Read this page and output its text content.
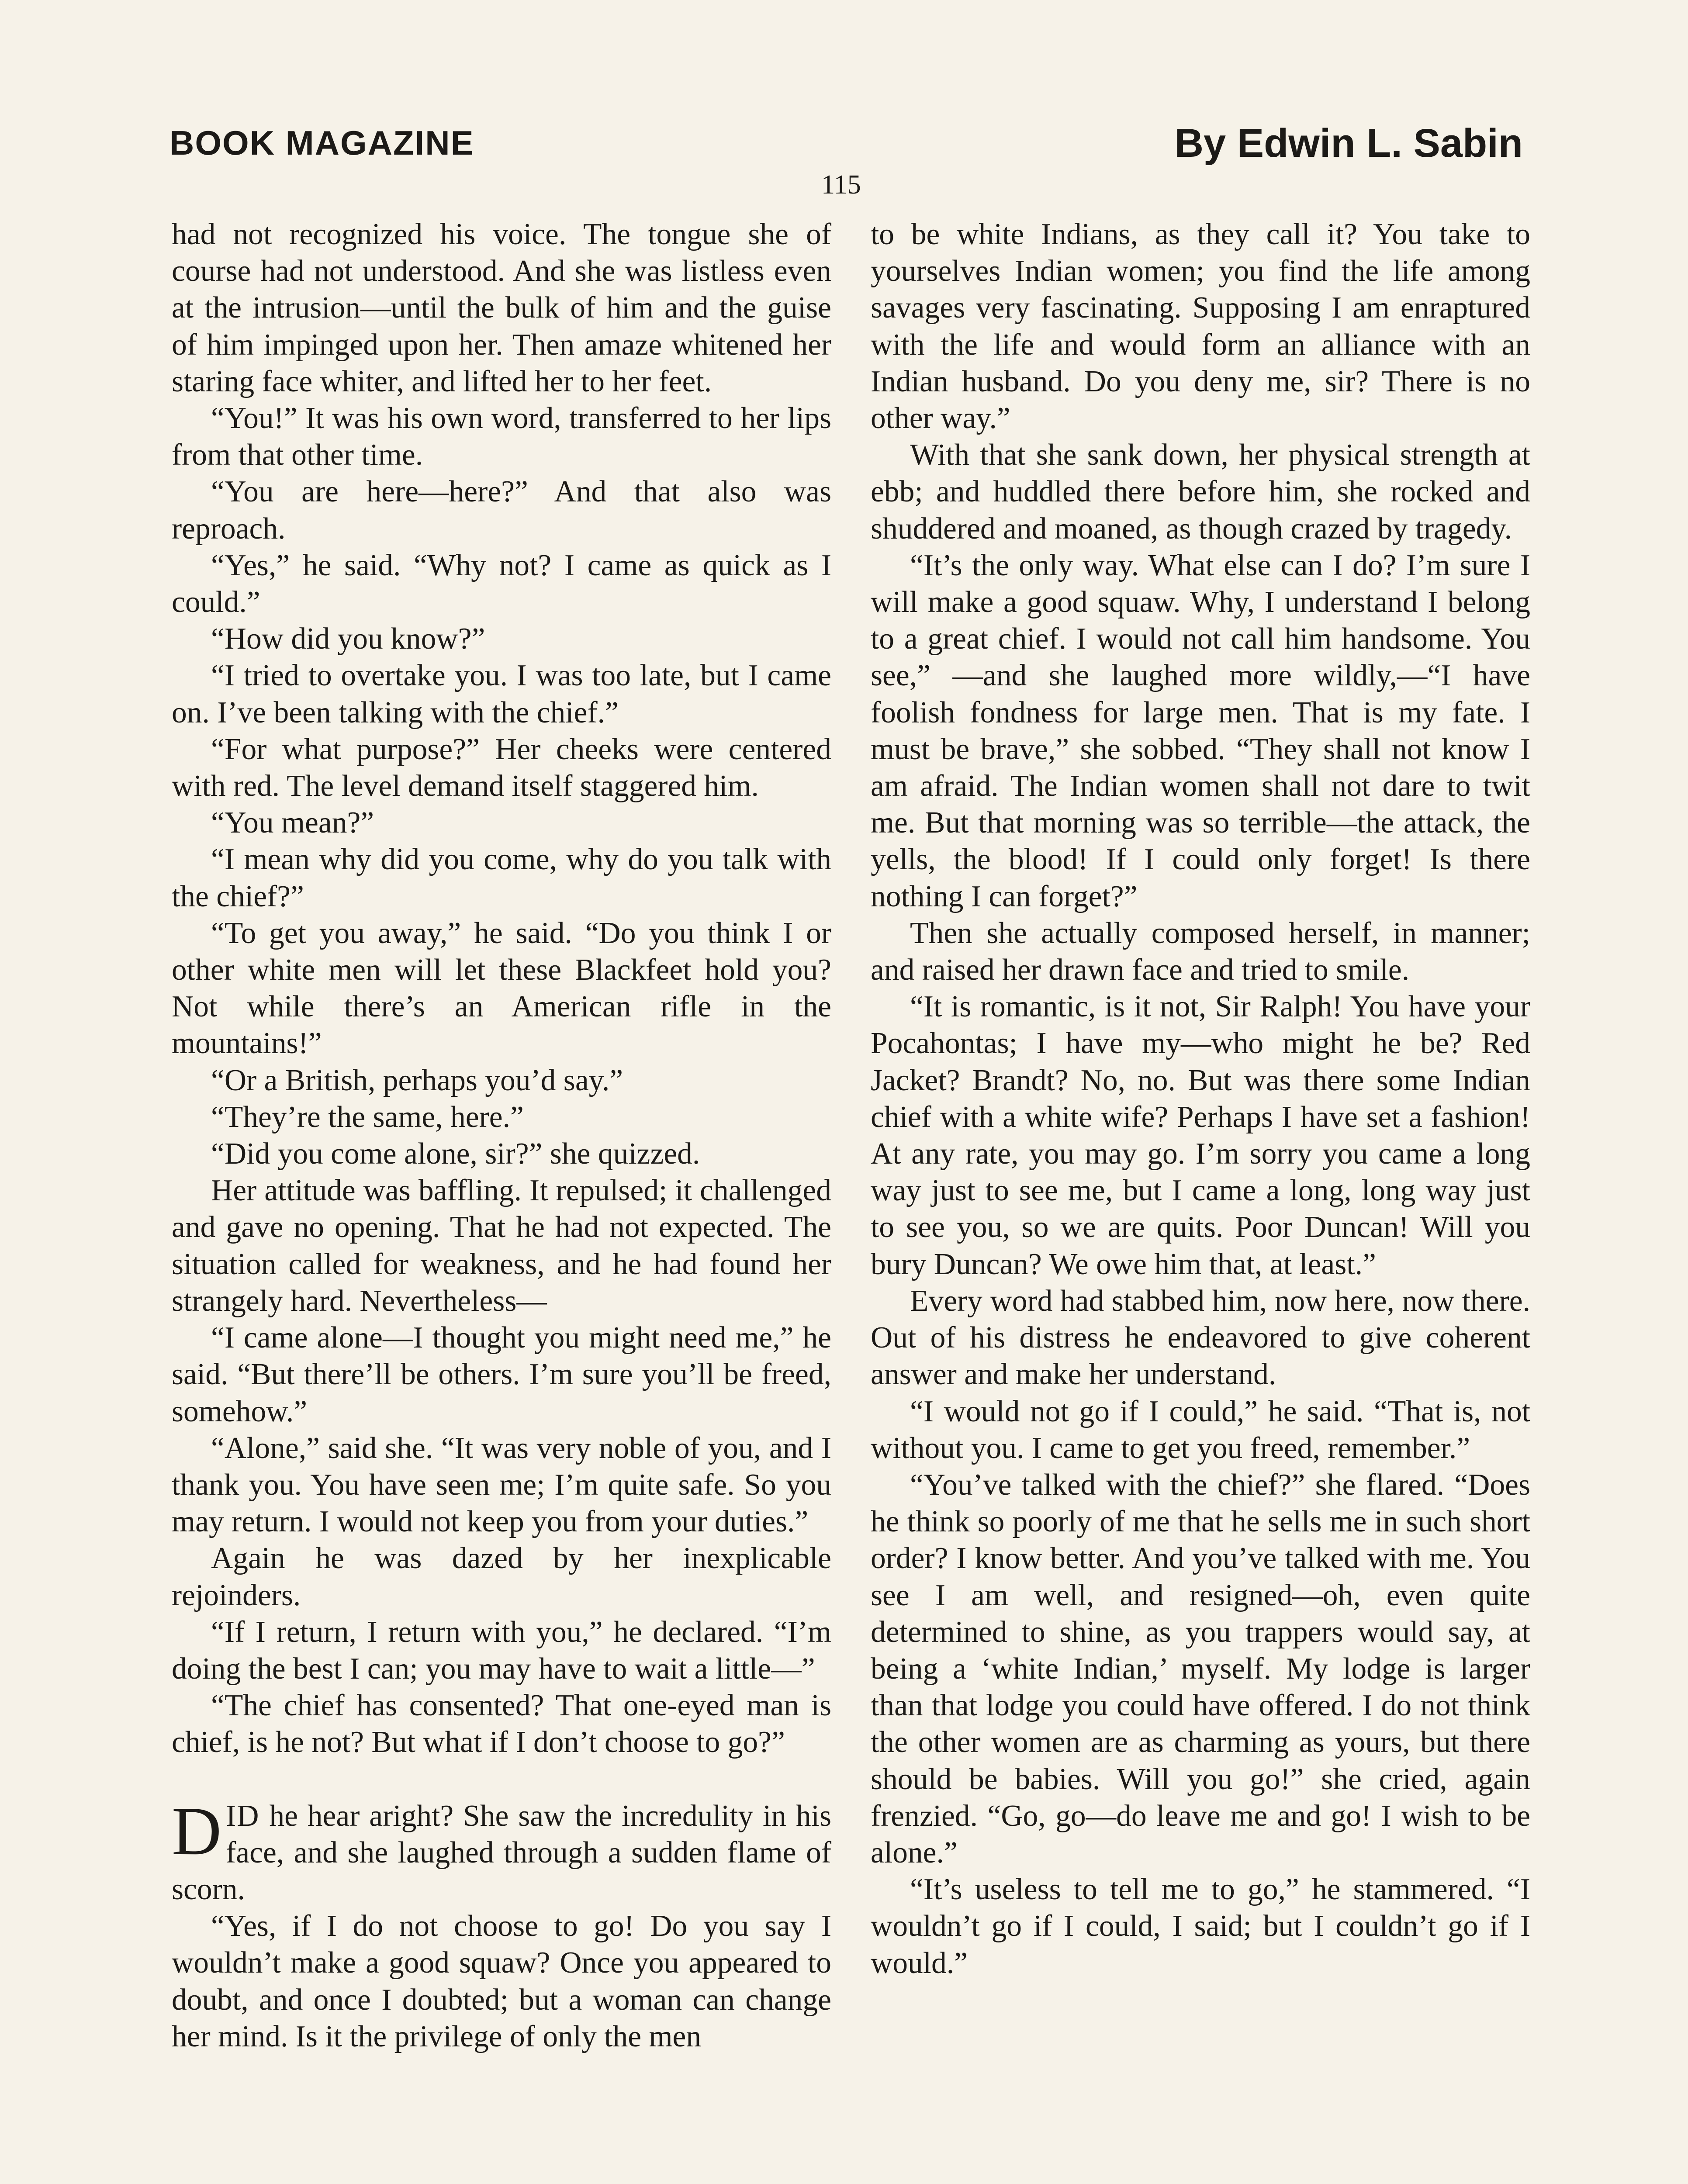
BOOK MAGAZINE	By Edwin L. Sabin
115

had not recognized his voice. The tongue she of course had not understood. And she was listless even at the intrusion—until the bulk of him and the guise of him impinged upon her. Then amaze whitened her staring face whiter, and lifted her to her feet.

“You!” It was his own word, transferred to her lips from that other time.

“You are here—here?” And that also was reproach.

“Yes,” he said. “Why not? I came as quick as I could.”

“How did you know?”

“I tried to overtake you. I was too late, but I came on. I’ve been talking with the chief.”

“For what purpose?” Her cheeks were centered with red. The level demand itself staggered him.

“You mean?”

“I mean why did you come, why do you talk with the chief?”

“To get you away,” he said. “Do you think I or other white men will let these Blackfeet hold you? Not while there’s an American rifle in the mountains!”

“Or a British, perhaps you’d say.”

“They’re the same, here.”

“Did you come alone, sir?” she quizzed.

Her attitude was baffling. It repulsed; it challenged and gave no opening. That he had not expected. The situation called for weakness, and he had found her strangely hard. Nevertheless—

“I came alone—I thought you might need me,” he said. “But there’ll be others. I’m sure you’ll be freed, somehow.”

“Alone,” said she. “It was very noble of you, and I thank you. You have seen me; I’m quite safe. So you may return. I would not keep you from your duties.”

Again he was dazed by her inexplicable rejoinders.

“If I return, I return with you,” he declared. “I’m doing the best I can; you may have to wait a little—”

“The chief has consented? That one-eyed man is chief, is he not? But what if I don’t choose to go?”

DID he hear aright? She saw the incredulity in his face, and she laughed through a sudden flame of scorn.

“Yes, if I do not choose to go! Do you say I wouldn’t make a good squaw? Once you appeared to doubt, and once I doubted; but a woman can change her mind. Is it the privilege of only the men

to be white Indians, as they call it? You take to yourselves Indian women; you find the life among savages very fascinating. Supposing I am enraptured with the life and would form an alliance with an Indian husband. Do you deny me, sir? There is no other way.”

With that she sank down, her physical strength at ebb; and huddled there before him, she rocked and shuddered and moaned, as though crazed by tragedy.

“It’s the only way. What else can I do? I’m sure I will make a good squaw. Why, I understand I belong to a great chief. I would not call him handsome. You see,” —and she laughed more wildly,—“I have foolish fondness for large men. That is my fate. I must be brave,” she sobbed. “They shall not know I am afraid. The Indian women shall not dare to twit me. But that morning was so terrible—the attack, the yells, the blood! If I could only forget! Is there nothing I can forget?”

Then she actually composed herself, in manner; and raised her drawn face and tried to smile.

“It is romantic, is it not, Sir Ralph! You have your Pocahontas; I have my—who might he be? Red Jacket? Brandt? No, no. But was there some Indian chief with a white wife? Perhaps I have set a fashion! At any rate, you may go. I’m sorry you came a long way just to see me, but I came a long, long way just to see you, so we are quits. Poor Duncan! Will you bury Duncan? We owe him that, at least.”

Every word had stabbed him, now here, now there. Out of his distress he endeavored to give coherent answer and make her understand.

“I would not go if I could,” he said. “That is, not without you. I came to get you freed, remember.”

“You’ve talked with the chief?” she flared. “Does he think so poorly of me that he sells me in such short order? I know better. And you’ve talked with me. You see I am well, and resigned—oh, even quite determined to shine, as you trappers would say, at being a ‘white Indian,’ myself. My lodge is larger than that lodge you could have offered. I do not think the other women are as charming as yours, but there should be babies. Will you go!” she cried, again frenzied. “Go, go—do leave me and go! I wish to be alone.”

“It’s useless to tell me to go,” he stammered. “I wouldn’t go if I could, I said; but I couldn’t go if I would.”
